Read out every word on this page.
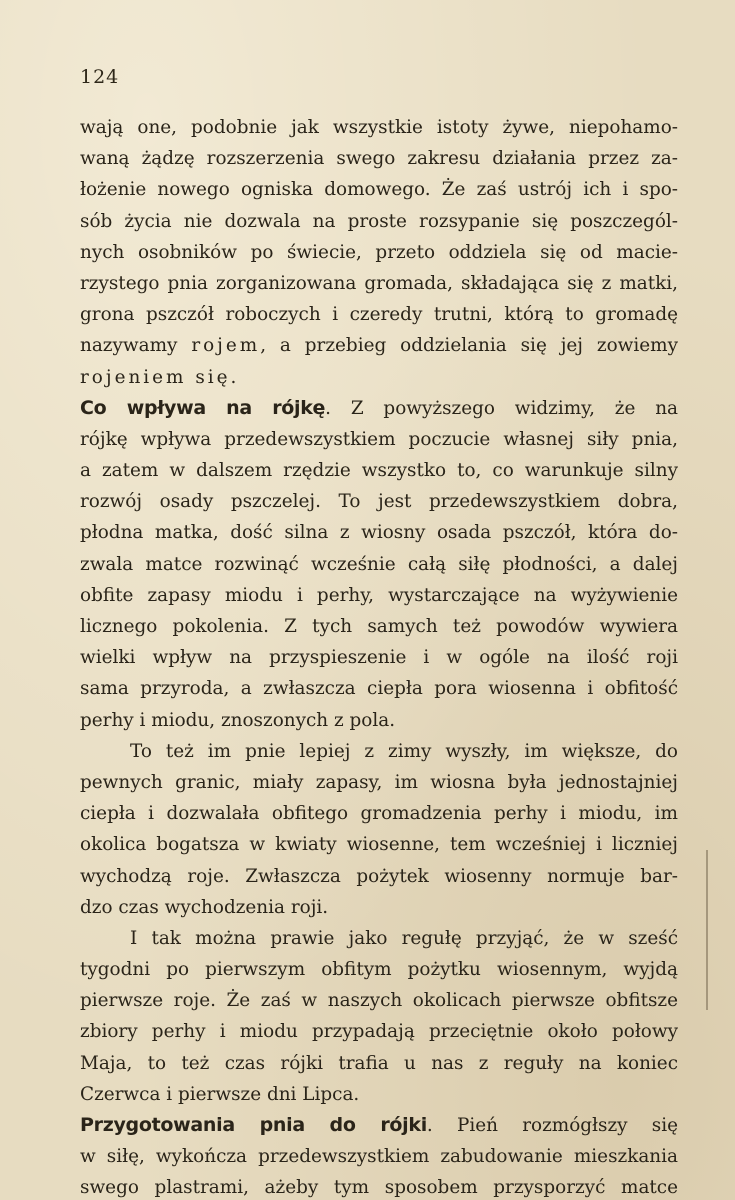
124
wają one, podobnie jak wszystkie istoty żywe, niepohamo-
waną żądzę rozszerzenia swego zakresu działania przez za-
łożenie nowego ogniska domowego. Że zaś ustrój ich i spo-
sób życia nie dozwala na proste rozsypanie się poszczegól-
nych osobników po świecie, przeto oddziela się od macie-
rzystego pnia zorganizowana gromada, składająca się z matki,
grona pszczół roboczych i czeredy trutni, którą to gromadę
nazywamy rojem, a przebieg oddzielania się jej zowiemy
rojeniem się.
Co wpływa na rójkę. Z powyższego widzimy, że na
rójkę wpływa przedewszystkiem poczucie własnej siły pnia,
a zatem w dalszem rzędzie wszystko to, co warunkuje silny
rozwój osady pszczelej. To jest przedewszystkiem dobra,
płodna matka, dość silna z wiosny osada pszczół, która do-
zwala matce rozwinąć wcześnie całą siłę płodności, a dalej
obfite zapasy miodu i perhy, wystarczające na wyżywienie
licznego pokolenia. Z tych samych też powodów wywiera
wielki wpływ na przyspieszenie i w ogóle na ilość roji
sama przyroda, a zwłaszcza ciepła pora wiosenna i obfitość
perhy i miodu, znoszonych z pola.
To też im pnie lepiej z zimy wyszły, im większe, do
pewnych granic, miały zapasy, im wiosna była jednostajniej
ciepła i dozwalała obfitego gromadzenia perhy i miodu, im
okolica bogatsza w kwiaty wiosenne, tem wcześniej i liczniej
wychodzą roje. Zwłaszcza pożytek wiosenny normuje bar-
dzo czas wychodzenia roji.
I tak można prawie jako regułę przyjąć, że w sześć
tygodni po pierwszym obfitym pożytku wiosennym, wyjdą
pierwsze roje. Że zaś w naszych okolicach pierwsze obfitsze
zbiory perhy i miodu przypadają przeciętnie około połowy
Maja, to też czas rójki trafia u nas z reguły na koniec
Czerwca i pierwsze dni Lipca.
Przygotowania pnia do rójki. Pień rozmógłszy się
w siłę, wykończa przedewszystkiem zabudowanie mieszkania
swego plastrami, ażeby tym sposobem przysporzyć matce
